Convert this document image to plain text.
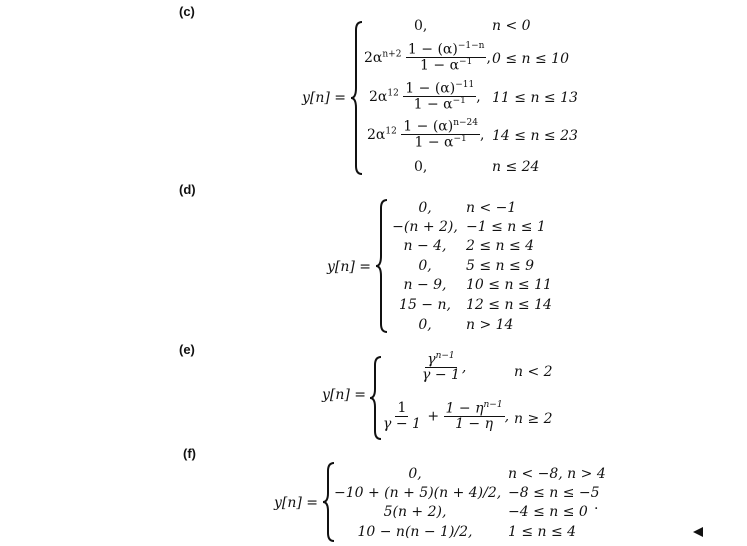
(c)
y[n] =
0,	n < 0
$2\alpha^{n+2} \frac{1 - (\alpha)^{-1-n}}{1 - \alpha^{-1}}$ , 0 ≤ n ≤ 10
$2\alpha^{12} \frac{1 - (\alpha)^{-11}}{1 - \alpha^{-1}}$ , 11 ≤ n ≤ 13
$2\alpha^{12} \frac{1 - (\alpha)^{n-24}}{1 - \alpha^{-1}}$ , 14 ≤ n ≤ 23
0,	n ≤ 24
(d)
y[n] =
0,	n < −1
−(n + 2), −1 ≤ n ≤ 1
n − 4,	2 ≤ n ≤ 4
0,	5 ≤ n ≤ 9
n − 9,	10 ≤ n ≤ 11
15 − n,	12 ≤ n ≤ 14
0,	n > 14
(e)
y[n] =
$\frac{\gamma^{n-1}}{\gamma - 1}$ ,	n < 2
$\frac{1}{\gamma - 1} + \frac{1 - \eta^{n-1}}{1 - \eta}$ , n ≥ 2
(f)
y[n] =
0,	n < −8, n > 4
−10 + (n + 5)(n + 4)/2, −8 ≤ n ≤ −5
5(n + 2),	−4 ≤ n ≤ 0 ·
10 − n(n − 1)/2,	1 ≤ n ≤ 4
